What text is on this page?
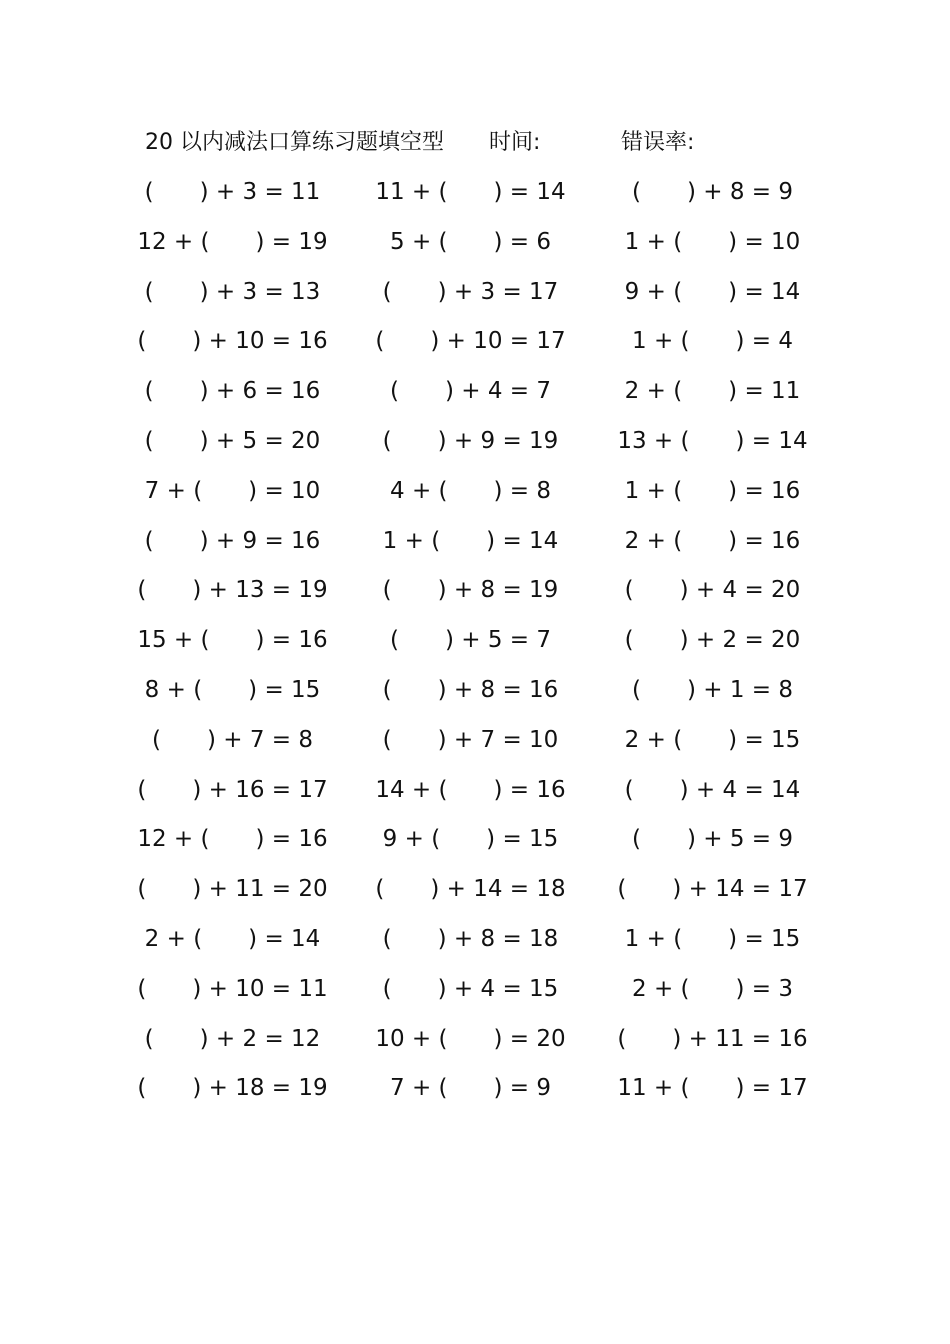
20 以内减法口算练习题填空型 时间:	错误率:
(　　) + 3 = 11	11 + (　　) = 14	(　　) + 8 = 9
12 + (　　) = 19	5 + (　　) = 6	1 + (　　) = 10
(　　) + 3 = 13	(　　) + 3 = 17	9 + (　　) = 14
(　　) + 10 = 16	(　　) + 10 = 17	1 + (　　) = 4
(　　) + 6 = 16	(　　) + 4 = 7	2 + (　　) = 11
(　　) + 5 = 20	(　　) + 9 = 19	13 + (　　) = 14
7 + (　　) = 10	4 + (　　) = 8	1 + (　　) = 16
(　　) + 9 = 16	1 + (　　) = 14	2 + (　　) = 16
(　　) + 13 = 19	(　　) + 8 = 19	(　　) + 4 = 20
15 + (　　) = 16	(　　) + 5 = 7	(　　) + 2 = 20
8 + (　　) = 15	(　　) + 8 = 16	(　　) + 1 = 8
(　　) + 7 = 8	(　　) + 7 = 10	2 + (　　) = 15
(　　) + 16 = 17	14 + (　　) = 16	(　　) + 4 = 14
12 + (　　) = 16	9 + (　　) = 15	(　　) + 5 = 9
(　　) + 11 = 20	(　　) + 14 = 18	(　　) + 14 = 17
2 + (　　) = 14	(　　) + 8 = 18	1 + (　　) = 15
(　　) + 10 = 11	(　　) + 4 = 15	2 + (　　) = 3
(　　) + 2 = 12	10 + (　　) = 20	(　　) + 11 = 16
(　　) + 18 = 19	7 + (　　) = 9	11 + (　　) = 17
